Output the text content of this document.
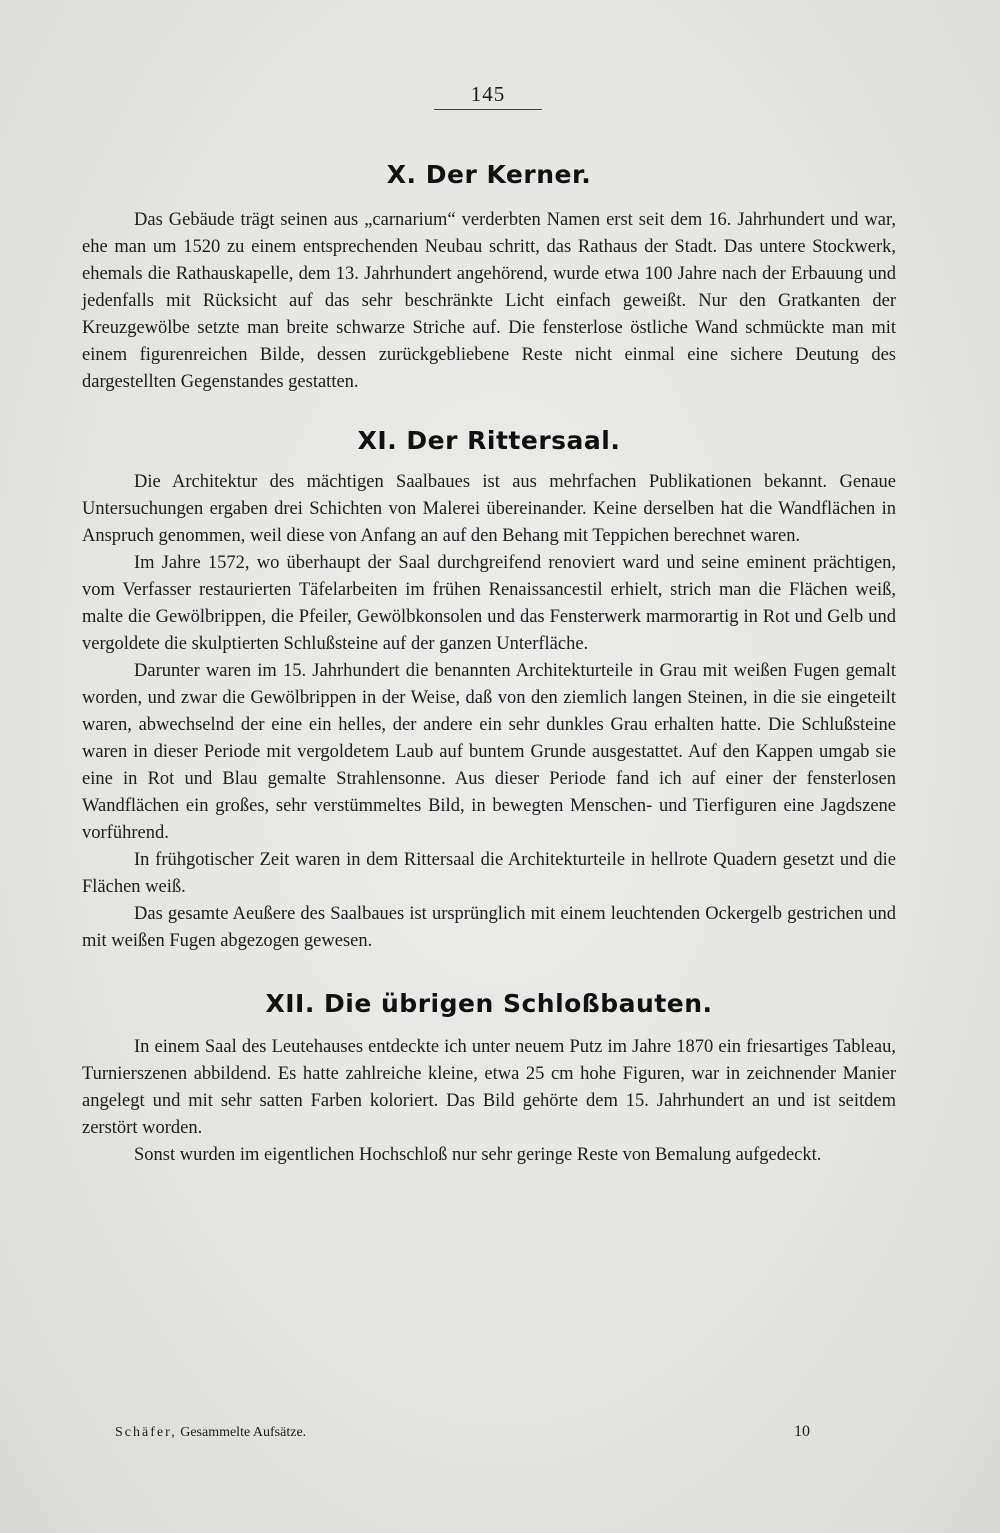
145
X. Der Kerner.

Das Gebäude trägt seinen aus „carnarium“ verderbten Namen erst seit dem 16. Jahrhundert und war, ehe man um 1520 zu einem entsprechenden Neubau schritt, das Rathaus der Stadt. Das untere Stockwerk, ehemals die Rathauskapelle, dem 13. Jahrhundert angehörend, wurde etwa 100 Jahre nach der Erbauung und jedenfalls mit Rücksicht auf das sehr beschränkte Licht einfach geweißt. Nur den Gratkanten der Kreuzgewölbe setzte man breite schwarze Striche auf. Die fensterlose östliche Wand schmückte man mit einem figurenreichen Bilde, dessen zurückgebliebene Reste nicht einmal eine sichere Deutung des dargestellten Gegenstandes gestatten.

XI. Der Rittersaal.

Die Architektur des mächtigen Saalbaues ist aus mehrfachen Publikationen bekannt. Genaue Untersuchungen ergaben drei Schichten von Malerei übereinander. Keine derselben hat die Wandflächen in Anspruch genommen, weil diese von Anfang an auf den Behang mit Teppichen berechnet waren.

Im Jahre 1572, wo überhaupt der Saal durchgreifend renoviert ward und seine eminent prächtigen, vom Verfasser restaurierten Täfelarbeiten im frühen Renaissancestil erhielt, strich man die Flächen weiß, malte die Gewölbrippen, die Pfeiler, Gewölbkonsolen und das Fensterwerk marmorartig in Rot und Gelb und vergoldete die skulptierten Schlußsteine auf der ganzen Unterfläche.

Darunter waren im 15. Jahrhundert die benannten Architekturteile in Grau mit weißen Fugen gemalt worden, und zwar die Gewölbrippen in der Weise, daß von den ziemlich langen Steinen, in die sie eingeteilt waren, abwechselnd der eine ein helles, der andere ein sehr dunkles Grau erhalten hatte. Die Schlußsteine waren in dieser Periode mit vergoldetem Laub auf buntem Grunde ausgestattet. Auf den Kappen umgab sie eine in Rot und Blau gemalte Strahlensonne. Aus dieser Periode fand ich auf einer der fensterlosen Wandflächen ein großes, sehr verstümmeltes Bild, in bewegten Menschen- und Tierfiguren eine Jagdszene vorführend.

In frühgotischer Zeit waren in dem Rittersaal die Architekturteile in hellrote Quadern gesetzt und die Flächen weiß.

Das gesamte Aeußere des Saalbaues ist ursprünglich mit einem leuchtenden Ockergelb gestrichen und mit weißen Fugen abgezogen gewesen.

XII. Die übrigen Schloßbauten.

In einem Saal des Leutehauses entdeckte ich unter neuem Putz im Jahre 1870 ein friesartiges Tableau, Turnierszenen abbildend. Es hatte zahlreiche kleine, etwa 25 cm hohe Figuren, war in zeichnender Manier angelegt und mit sehr satten Farben koloriert. Das Bild gehörte dem 15. Jahrhundert an und ist seitdem zerstört worden.

Sonst wurden im eigentlichen Hochschloß nur sehr geringe Reste von Bemalung aufgedeckt.

Schäfer, Gesammelte Aufsätze.	10
